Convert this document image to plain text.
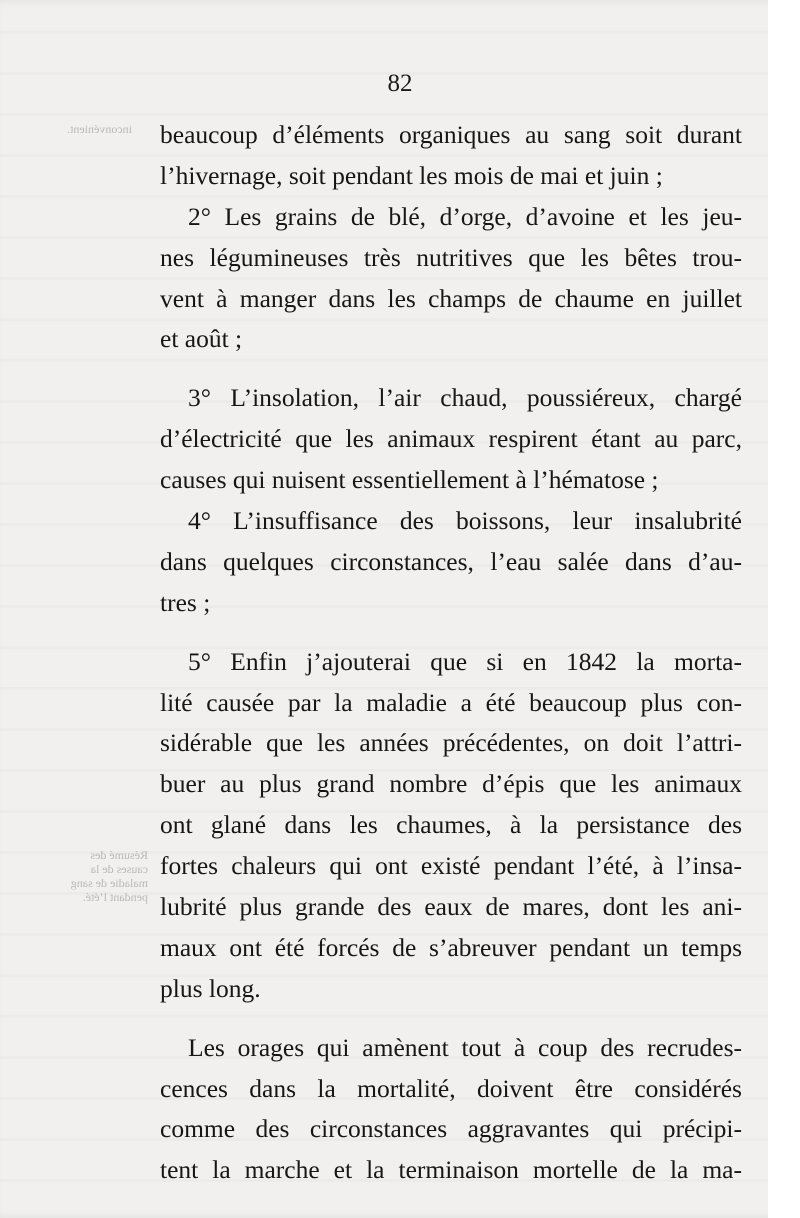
82
inconvénient.
Résumé des causes de la maladie de sang pendant l’été.
beaucoup d’éléments organiques au sang soit durant
l’hivernage, soit pendant les mois de mai et juin ;
2° Les grains de blé, d’orge, d’avoine et les jeu-
nes légumineuses très nutritives que les bêtes trou-
vent à manger dans les champs de chaume en juillet
et août ;
3° L’insolation, l’air chaud, poussiéreux, chargé
d’électricité que les animaux respirent étant au parc,
causes qui nuisent essentiellement à l’hématose ;
4° L’insuffisance des boissons, leur insalubrité
dans quelques circonstances, l’eau salée dans d’au-
tres ;
5° Enfin j’ajouterai que si en 1842 la morta-
lité causée par la maladie a été beaucoup plus con-
sidérable que les années précédentes, on doit l’attri-
buer au plus grand nombre d’épis que les animaux
ont glané dans les chaumes, à la persistance des
fortes chaleurs qui ont existé pendant l’été, à l’insa-
lubrité plus grande des eaux de mares, dont les ani-
maux ont été forcés de s’abreuver pendant un temps
plus long.
Les orages qui amènent tout à coup des recrudes-
cences dans la mortalité, doivent être considérés
comme des circonstances aggravantes qui précipi-
tent la marche et la terminaison mortelle de la ma-
